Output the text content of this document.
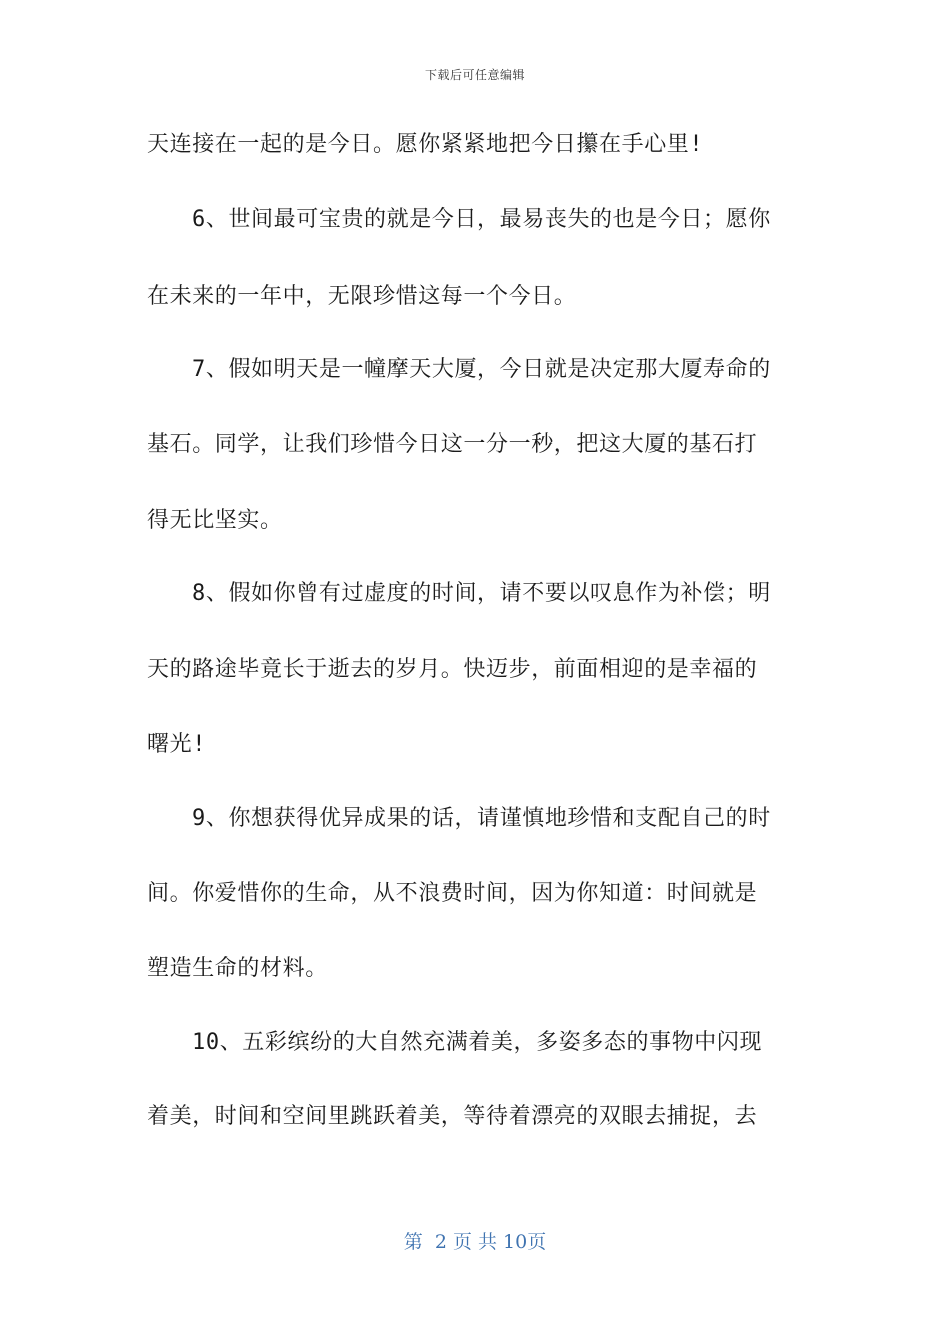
下载后可任意编辑
天连接在一起的是今日。愿你紧紧地把今日攥在手心里!
6、世间最可宝贵的就是今日，最易丧失的也是今日；愿你
在未来的一年中，无限珍惜这每一个今日。
7、假如明天是一幢摩天大厦，今日就是决定那大厦寿命的
基石。同学，让我们珍惜今日这一分一秒，把这大厦的基石打
得无比坚实。
8、假如你曾有过虚度的时间，请不要以叹息作为补偿；明
天的路途毕竟长于逝去的岁月。快迈步，前面相迎的是幸福的
曙光!
9、你想获得优异成果的话，请谨慎地珍惜和支配自己的时
间。你爱惜你的生命，从不浪费时间，因为你知道：时间就是
塑造生命的材料。
10、五彩缤纷的大自然充满着美，多姿多态的事物中闪现
着美，时间和空间里跳跃着美，等待着漂亮的双眼去捕捉，去
第  2 页 共 10页
